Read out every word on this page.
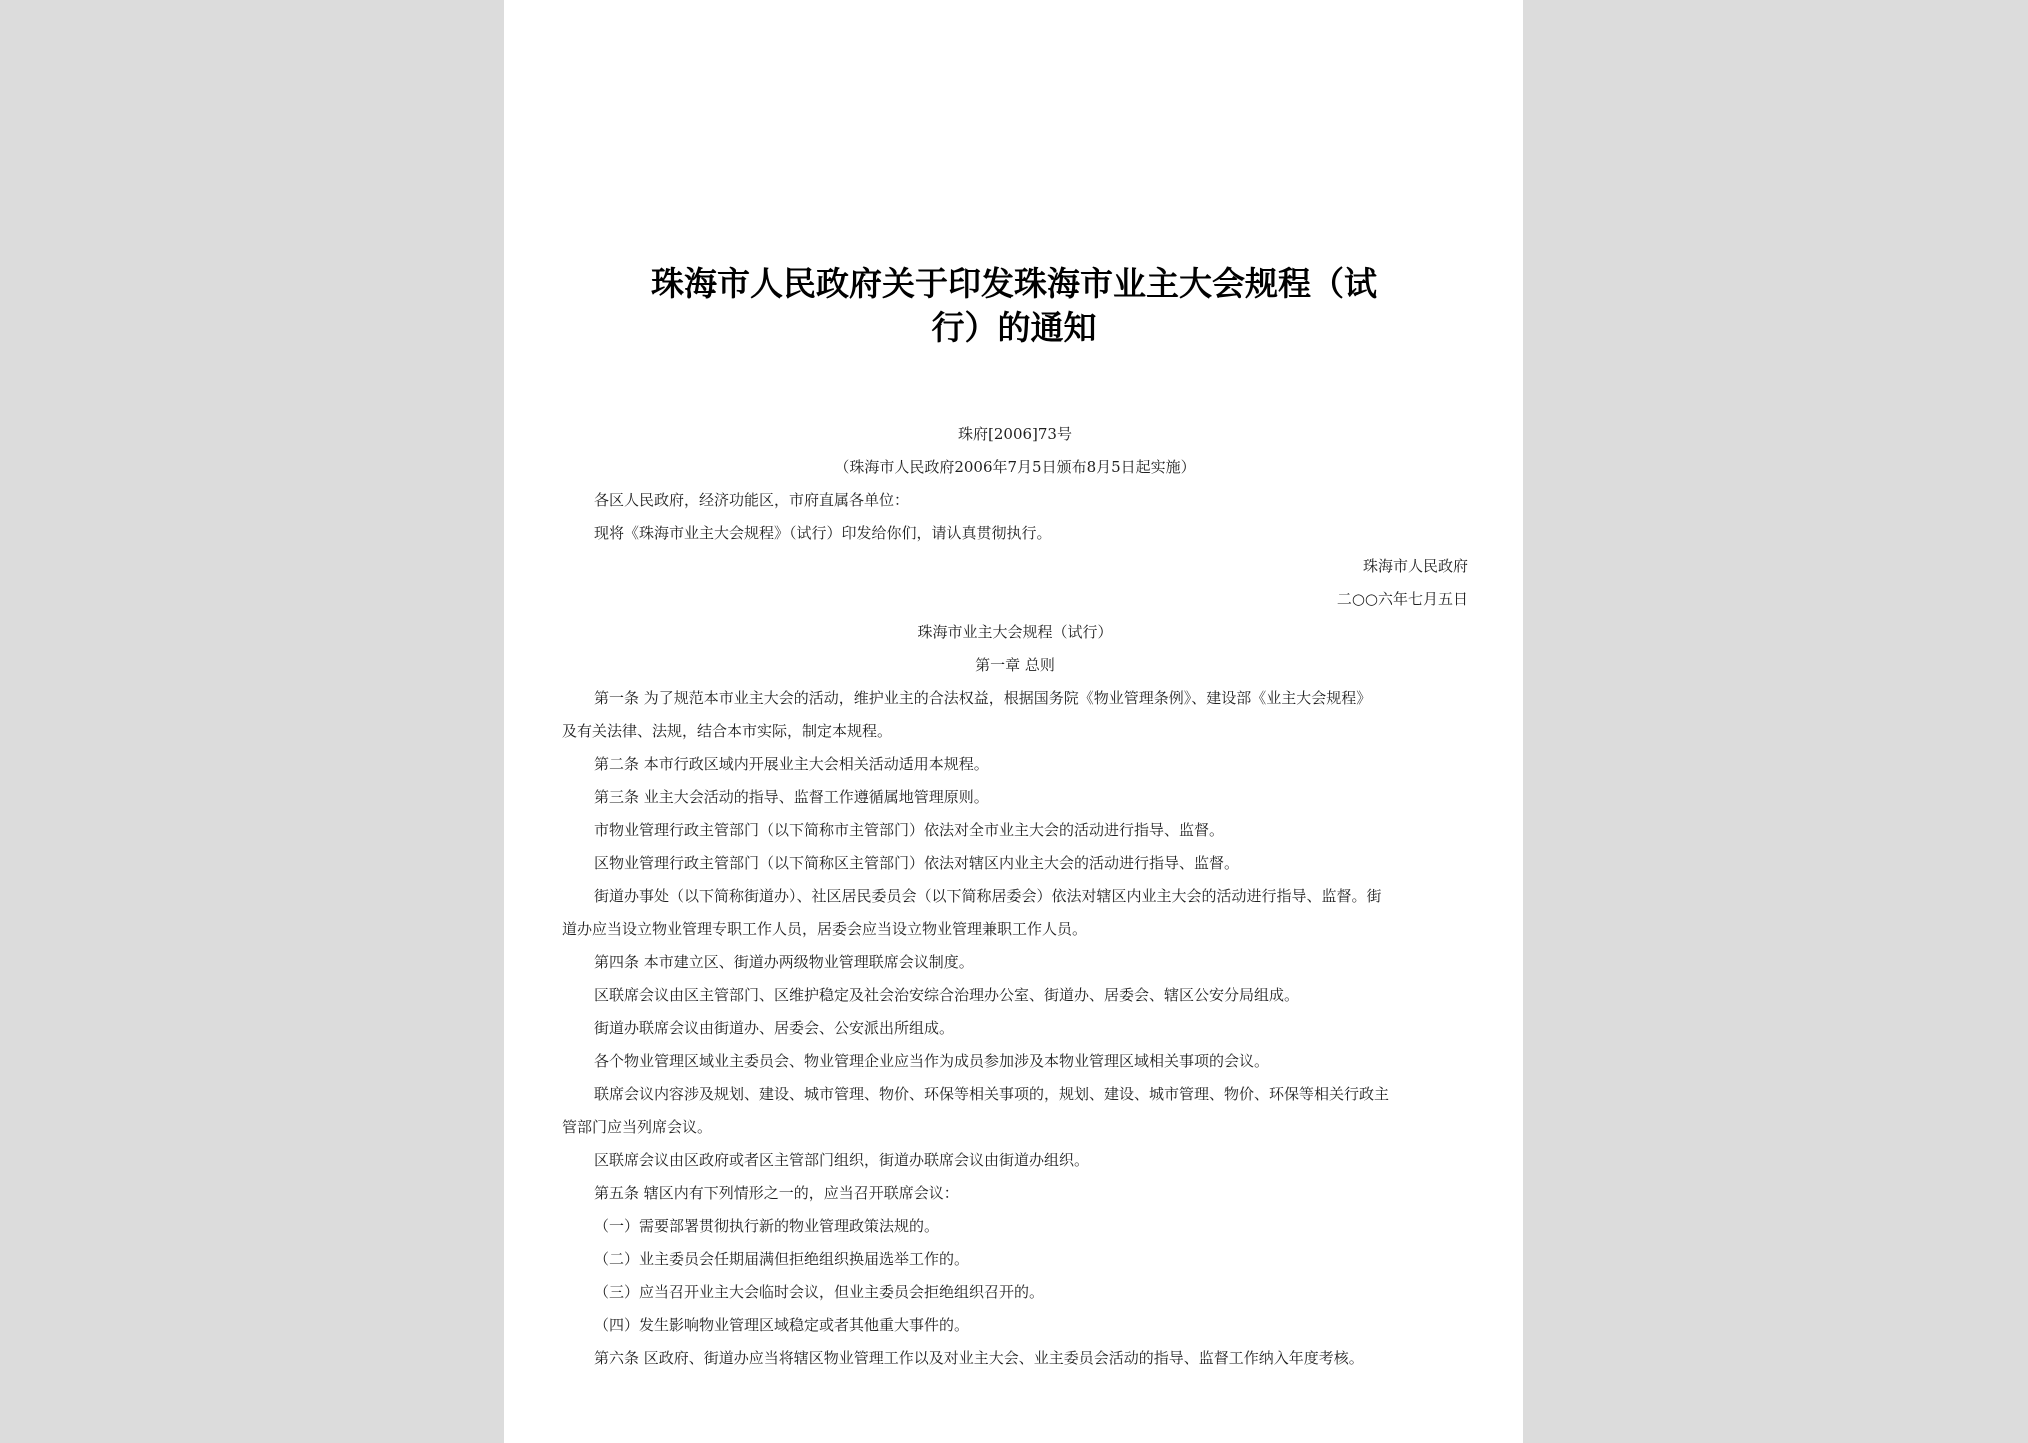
珠海市人民政府关于印发珠海市业主大会规程（试
行）的通知
珠府[2006]73号
（珠海市人民政府2006年7月5日颁布8月5日起实施）
各区人民政府，经济功能区，市府直属各单位：
现将《珠海市业主大会规程》（试行）印发给你们，请认真贯彻执行。
珠海市人民政府
二○○六年七月五日
珠海市业主大会规程（试行）
第一章 总则
第一条 为了规范本市业主大会的活动，维护业主的合法权益，根据国务院《物业管理条例》、建设部《业主大会规程》
及有关法律、法规，结合本市实际，制定本规程。
第二条 本市行政区域内开展业主大会相关活动适用本规程。
第三条 业主大会活动的指导、监督工作遵循属地管理原则。
市物业管理行政主管部门（以下简称市主管部门）依法对全市业主大会的活动进行指导、监督。
区物业管理行政主管部门（以下简称区主管部门）依法对辖区内业主大会的活动进行指导、监督。
街道办事处（以下简称街道办）、社区居民委员会（以下简称居委会）依法对辖区内业主大会的活动进行指导、监督。街
道办应当设立物业管理专职工作人员，居委会应当设立物业管理兼职工作人员。
第四条 本市建立区、街道办两级物业管理联席会议制度。
区联席会议由区主管部门、区维护稳定及社会治安综合治理办公室、街道办、居委会、辖区公安分局组成。
街道办联席会议由街道办、居委会、公安派出所组成。
各个物业管理区域业主委员会、物业管理企业应当作为成员参加涉及本物业管理区域相关事项的会议。
联席会议内容涉及规划、建设、城市管理、物价、环保等相关事项的，规划、建设、城市管理、物价、环保等相关行政主
管部门应当列席会议。
区联席会议由区政府或者区主管部门组织，街道办联席会议由街道办组织。
第五条 辖区内有下列情形之一的，应当召开联席会议：
（一）需要部署贯彻执行新的物业管理政策法规的。
（二）业主委员会任期届满但拒绝组织换届选举工作的。
（三）应当召开业主大会临时会议，但业主委员会拒绝组织召开的。
（四）发生影响物业管理区域稳定或者其他重大事件的。
第六条 区政府、街道办应当将辖区物业管理工作以及对业主大会、业主委员会活动的指导、监督工作纳入年度考核。
